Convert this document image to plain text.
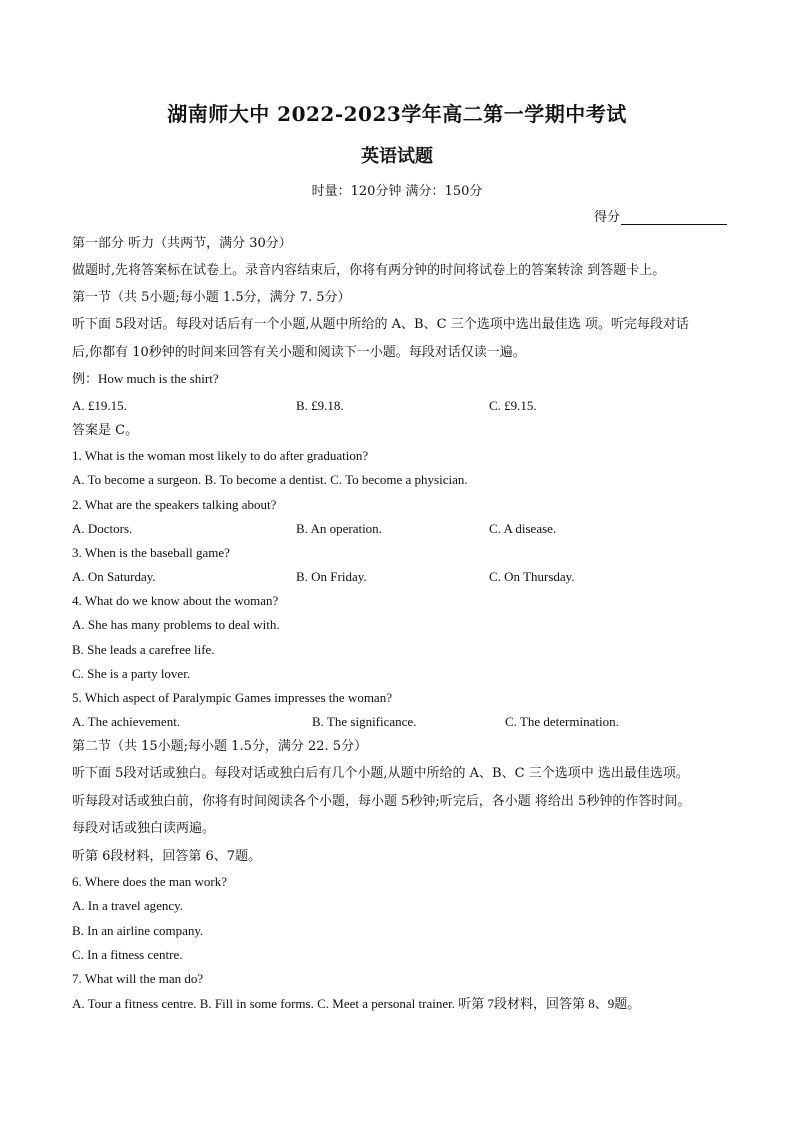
湖南师大中 2022-2023学年高二第一学期中考试
英语试题
时量：120分钟 满分：150分
得分
第一部分 听力（共两节，满分 30分）
做题时,先将答案标在试卷上。录音内容结束后，你将有两分钟的时间将试卷上的答案转涂 到答题卡上。
第一节（共 5小题;每小题 1.5分，满分 7. 5分）
听下面 5段对话。每段对话后有一个小题,从题中所给的 A、B、C 三个选项中选出最佳选 项。听完每段对话
后,你都有 10秒钟的时间来回答有关小题和阅读下一小题。每段对话仅读一遍。
例：How much is the shirt?
A. £19.15.	B. £9.18.	C. £9.15.
答案是 C。
1. What is the woman most likely to do after graduation?
A. To become a surgeon. B. To become a dentist. C. To become a physician.
2. What are the speakers talking about?
A. Doctors.	B. An operation.	C. A disease.
3. When is the baseball game?
A. On Saturday.	B. On Friday.	C. On Thursday.
4. What do we know about the woman?
A. She has many problems to deal with.
B. She leads a carefree life.
C. She is a party lover.
5. Which aspect of Paralympic Games impresses the woman?
A. The achievement.	B. The significance.	C. The determination.
第二节（共 15小题;每小题 1.5分，满分 22. 5分）
听下面 5段对话或独白。每段对话或独白后有几个小题,从题中所给的 A、B、C 三个选项中 选出最佳选项。
听每段对话或独白前，你将有时间阅读各个小题，每小题 5秒钟;听完后，各小题 将给出 5秒钟的作答时间。
每段对话或独白读两遍。
听第 6段材料，回答第 6、7题。
6. Where does the man work?
A. In a travel agency.
B. In an airline company.
C. In a fitness centre.
7. What will the man do?
A. Tour a fitness centre. B. Fill in some forms. C. Meet a personal trainer. 听第 7段材料，回答第 8、9题。
